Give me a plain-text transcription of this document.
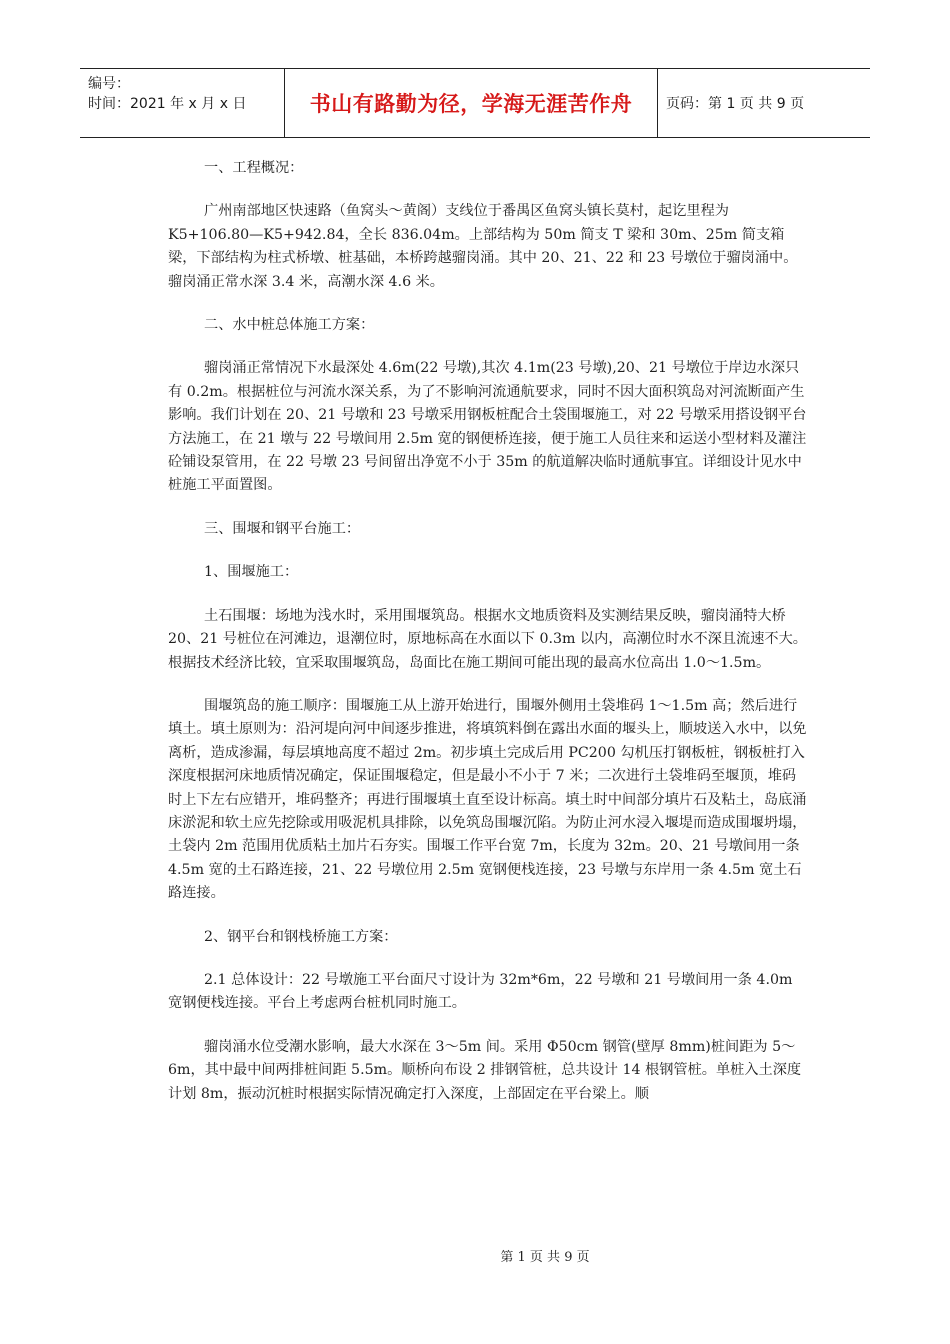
编号：
时间：2021 年 x 月 x 日	书山有路勤为径，学海无涯苦作舟 页码：第 1 页 共 9 页

一、工程概况：

广州南部地区快速路（鱼窝头～黄阁）支线位于番禺区鱼窝头镇长莫村，起讫里程为 K5+106.80—K5+942.84，全长 836.04m。上部结构为 50m 简支 T 梁和 30m、25m 简支箱梁，下部结构为柱式桥墩、桩基础，本桥跨越骝岗涌。其中 20、21、22 和 23 号墩位于骝岗涌中。骝岗涌正常水深 3.4 米，高潮水深 4.6 米。

二、水中桩总体施工方案：

骝岗涌正常情况下水最深处 4.6m(22 号墩),其次 4.1m(23 号墩),20、21 号墩位于岸边水深只有 0.2m。根据桩位与河流水深关系，为了不影响河流通航要求，同时不因大面积筑岛对河流断面产生影响。我们计划在 20、21 号墩和 23 号墩采用钢板桩配合土袋围堰施工，对 22 号墩采用搭设钢平台方法施工，在 21 墩与 22 号墩间用 2.5m 宽的钢便桥连接，便于施工人员往来和运送小型材料及灌注砼铺设泵管用，在 22 号墩 23 号间留出净宽不小于 35m 的航道解决临时通航事宜。详细设计见水中桩施工平面置图。

三、围堰和钢平台施工：

1、围堰施工：

土石围堰：场地为浅水时，采用围堰筑岛。根据水文地质资料及实测结果反映，骝岗涌特大桥 20、21 号桩位在河滩边，退潮位时，原地标高在水面以下 0.3m 以内，高潮位时水不深且流速不大。根据技术经济比较，宜采取围堰筑岛，岛面比在施工期间可能出现的最高水位高出 1.0～1.5m。

围堰筑岛的施工顺序：围堰施工从上游开始进行，围堰外侧用土袋堆码 1～1.5m 高；然后进行填土。填土原则为：沿河堤向河中间逐步推进，将填筑料倒在露出水面的堰头上，顺坡送入水中，以免离析，造成渗漏，每层填地高度不超过 2m。初步填土完成后用 PC200 勾机压打钢板桩，钢板桩打入深度根据河床地质情况确定，保证围堰稳定，但是最小不小于 7 米；二次进行土袋堆码至堰顶，堆码时上下左右应错开，堆码整齐；再进行围堰填土直至设计标高。填土时中间部分填片石及粘土，岛底涌床淤泥和软土应先挖除或用吸泥机具排除，以免筑岛围堰沉陷。为防止河水浸入堰堤而造成围堰坍塌，土袋内 2m 范围用优质粘土加片石夯实。围堰工作平台宽 7m，长度为 32m。20、21 号墩间用一条 4.5m 宽的土石路连接，21、22 号墩位用 2.5m 宽钢便栈连接，23 号墩与东岸用一条 4.5m 宽土石路连接。

2、钢平台和钢栈桥施工方案：

2.1 总体设计：22 号墩施工平台面尺寸设计为 32m*6m，22 号墩和 21 号墩间用一条 4.0m 宽钢便栈连接。平台上考虑两台桩机同时施工。

骝岗涌水位受潮水影响，最大水深在 3～5m 间。采用 Φ50cm 钢管(壁厚 8mm)桩间距为 5～6m，其中最中间两排桩间距 5.5m。顺桥向布设 2 排钢管桩，总共设计 14 根钢管桩。单桩入土深度计划 8m，振动沉桩时根据实际情况确定打入深度，上部固定在平台梁上。顺

第 1 页 共 9 页
